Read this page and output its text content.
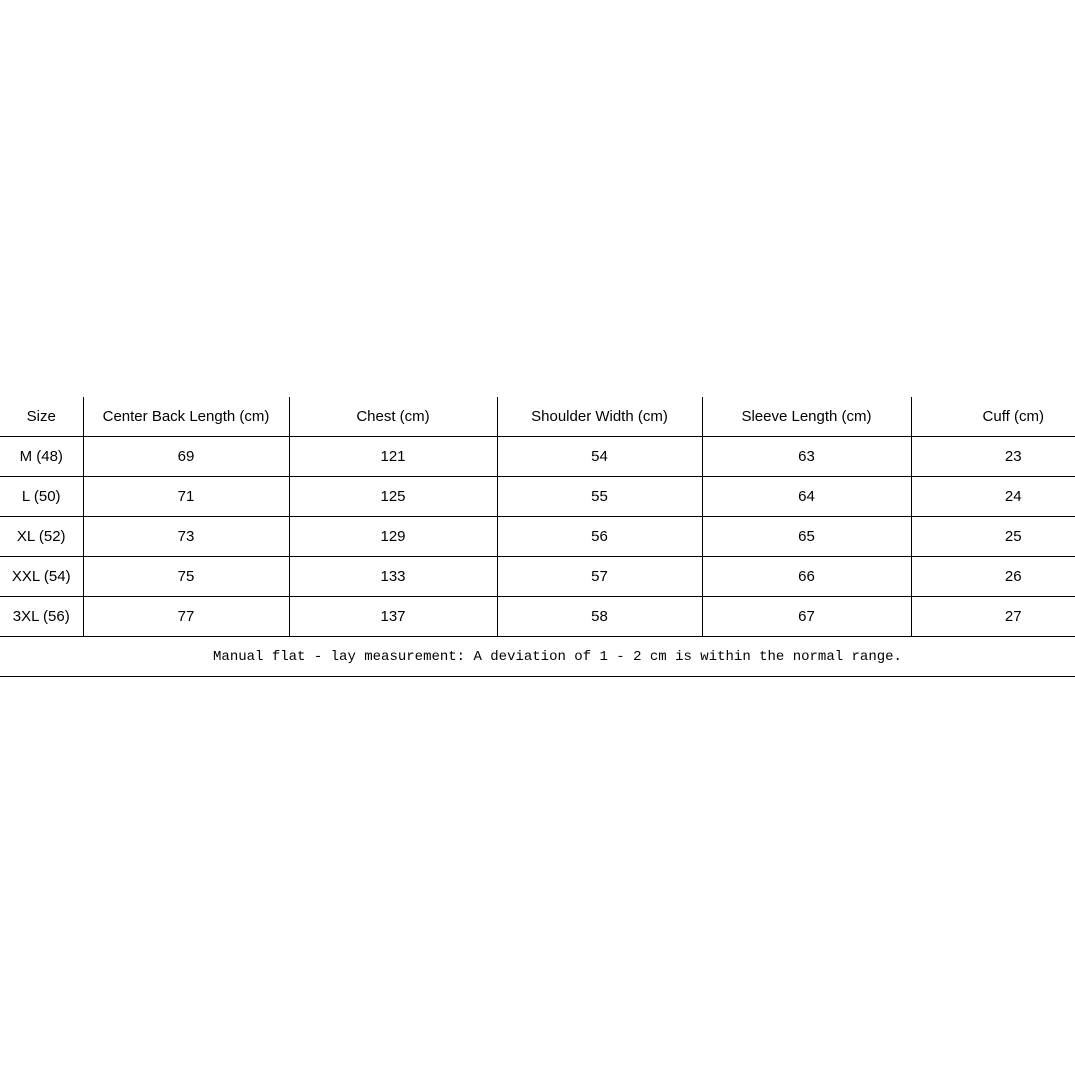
Size	Center Back Length (cm)	Chest (cm)	Shoulder Width (cm)	Sleeve Length (cm)	Cuff (cm)
M (48)	69	121	54	63	23
L (50)	71	125	55	64	24
XL (52)	73	129	56	65	25
XXL (54)	75	133	57	66	26
3XL (56)	77	137	58	67	27
Manual flat - lay measurement: A deviation of 1 - 2 cm is within the normal range.					
